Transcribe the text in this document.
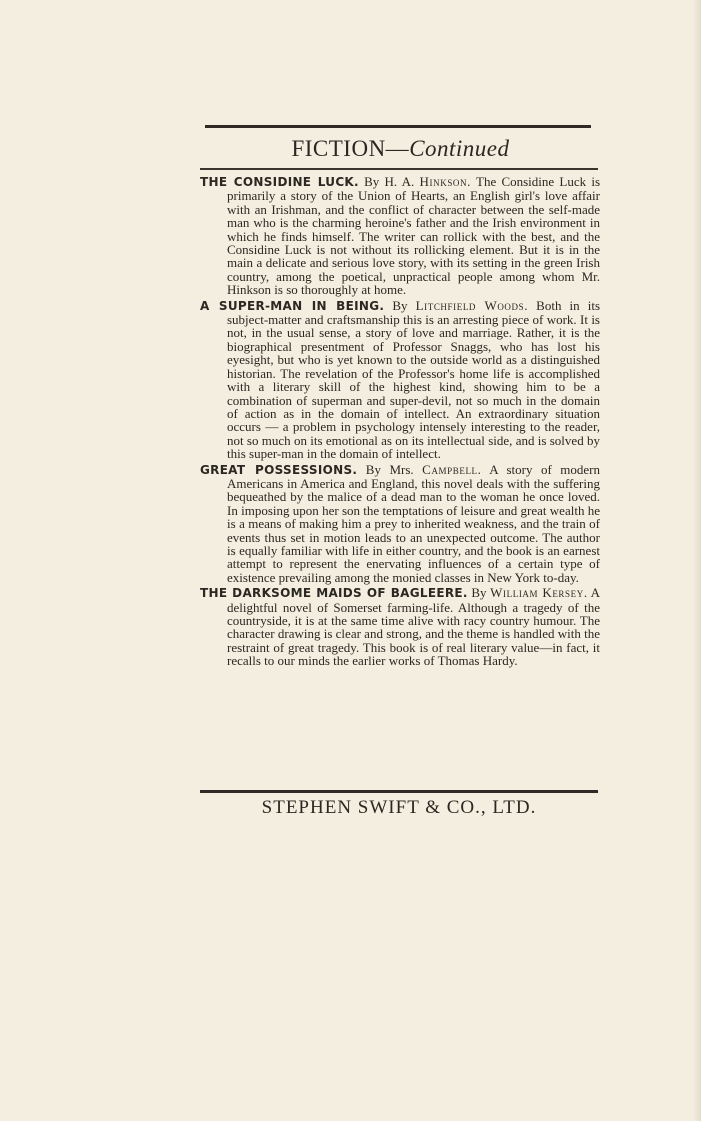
FICTION—Continued

THE CONSIDINE LUCK. By H. A. Hinkson. The Considine Luck is primarily a story of the Union of Hearts, an English girl's love affair with an Irishman, and the conflict of character between the self-made man who is the charming heroine's father and the Irish environment in which he finds himself. The writer can rollick with the best, and the Considine Luck is not without its rollicking element. But it is in the main a delicate and serious love story, with its setting in the green Irish country, among the poetical, unpractical people among whom Mr. Hinkson is so thoroughly at home.

A SUPER-MAN IN BEING. By Litchfield Woods. Both in its subject-matter and craftsmanship this is an arresting piece of work. It is not, in the usual sense, a story of love and marriage. Rather, it is the biographical presentment of Professor Snaggs, who has lost his eyesight, but who is yet known to the outside world as a distinguished historian. The revelation of the Professor's home life is accomplished with a literary skill of the highest kind, showing him to be a combination of superman and super-devil, not so much in the domain of action as in the domain of intellect. An extraordinary situation occurs — a problem in psychology intensely interesting to the reader, not so much on its emotional as on its intellectual side, and is solved by this super-man in the domain of intellect.

GREAT POSSESSIONS. By Mrs. Campbell. A story of modern Americans in America and England, this novel deals with the suffering bequeathed by the malice of a dead man to the woman he once loved. In imposing upon her son the temptations of leisure and great wealth he is a means of making him a prey to inherited weakness, and the train of events thus set in motion leads to an unexpected outcome. The author is equally familiar with life in either country, and the book is an earnest attempt to represent the enervating influences of a certain type of existence prevailing among the monied classes in New York to-day.

THE DARKSOME MAIDS OF BAGLEERE. By William Kersey. A delightful novel of Somerset farming-life. Although a tragedy of the countryside, it is at the same time alive with racy country humour. The character drawing is clear and strong, and the theme is handled with the restraint of great tragedy. This book is of real literary value—in fact, it recalls to our minds the earlier works of Thomas Hardy.

STEPHEN SWIFT & CO., LTD.
